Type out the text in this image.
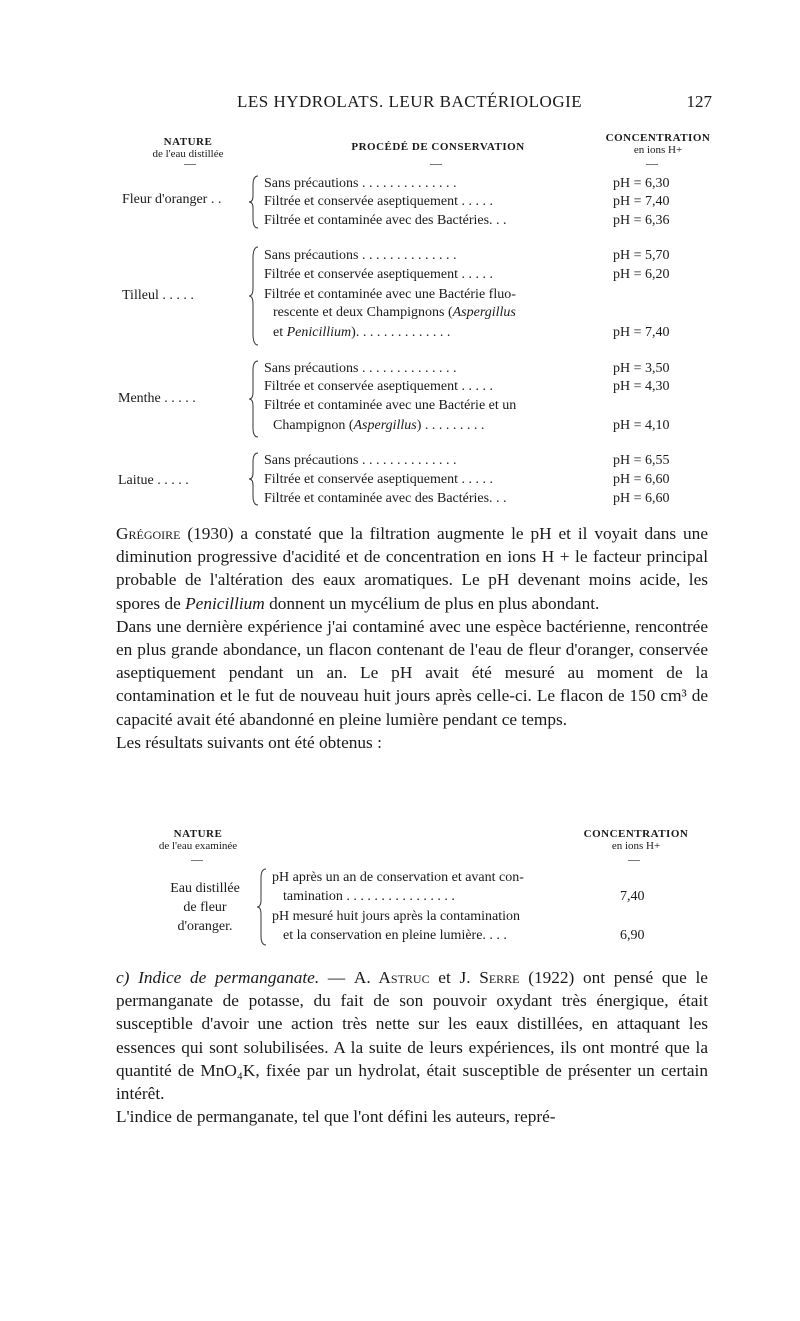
LES HYDROLATS. LEUR BACTÉRIOLOGIE	127
NATURE
de l'eau distillée
PROCÉDÉ DE CONSERVATION
CONCENTRATION
en ions H+
—	—	—
Fleur d'oranger . .
Sans précautions . . . . . . . . . . . . . .	pH = 6,30
Filtrée et conservée aseptiquement . . . . .	pH = 7,40
Filtrée et contaminée avec des Bactéries. . .	pH = 6,36
Tilleul . . . . .
Sans précautions . . . . . . . . . . . . . .	pH = 5,70
Filtrée et conservée aseptiquement . . . . .	pH = 6,20
Filtrée et contaminée avec une Bactérie fluo-
rescente et deux Champignons (Aspergillus
et Penicillium). . . . . . . . . . . . . .	pH = 7,40
Menthe . . . . .
Sans précautions . . . . . . . . . . . . . .	pH = 3,50
Filtrée et conservée aseptiquement . . . . .	pH = 4,30
Filtrée et contaminée avec une Bactérie et un
Champignon (Aspergillus) . . . . . . . . .	pH = 4,10
Laitue . . . . .
Sans précautions . . . . . . . . . . . . . .	pH = 6,55
Filtrée et conservée aseptiquement . . . . .	pH = 6,60
Filtrée et contaminée avec des Bactéries. . .	pH = 6,60

Grégoire (1930) a constaté que la filtration augmente le pH et il voyait dans une diminution progressive d'acidité et de concentration en ions H + le facteur principal probable de l'altération des eaux aromatiques. Le pH devenant moins acide, les spores de Penicillium donnent un mycélium de plus en plus abondant.

Dans une dernière expérience j'ai contaminé avec une espèce bactérienne, rencontrée en plus grande abondance, un flacon contenant de l'eau de fleur d'oranger, conservée aseptiquement pendant un an. Le pH avait été mesuré au moment de la contamination et le fut de nouveau huit jours après celle-ci. Le flacon de 150 cm³ de capacité avait été abandonné en pleine lumière pendant ce temps.

Les résultats suivants ont été obtenus :

NATURE
de l'eau examinée
CONCENTRATION
en ions H+
—	—
Eau distillée
de fleur
d'oranger.
pH après un an de conservation et avant con-
tamination . . . . . . . . . . . . . . . .	7,40
pH mesuré huit jours après la contamination
et la conservation en pleine lumière. . . .	6,90

c) Indice de permanganate. — A. Astruc et J. Serre (1922) ont pensé que le permanganate de potasse, du fait de son pouvoir oxydant très énergique, était susceptible d'avoir une action très nette sur les eaux distillées, en attaquant les essences qui sont solubilisées. A la suite de leurs expériences, ils ont montré que la quantité de MnO₄K, fixée par un hydrolat, était susceptible de présenter un certain intérêt.

L'indice de permanganate, tel que l'ont défini les auteurs, repré-
